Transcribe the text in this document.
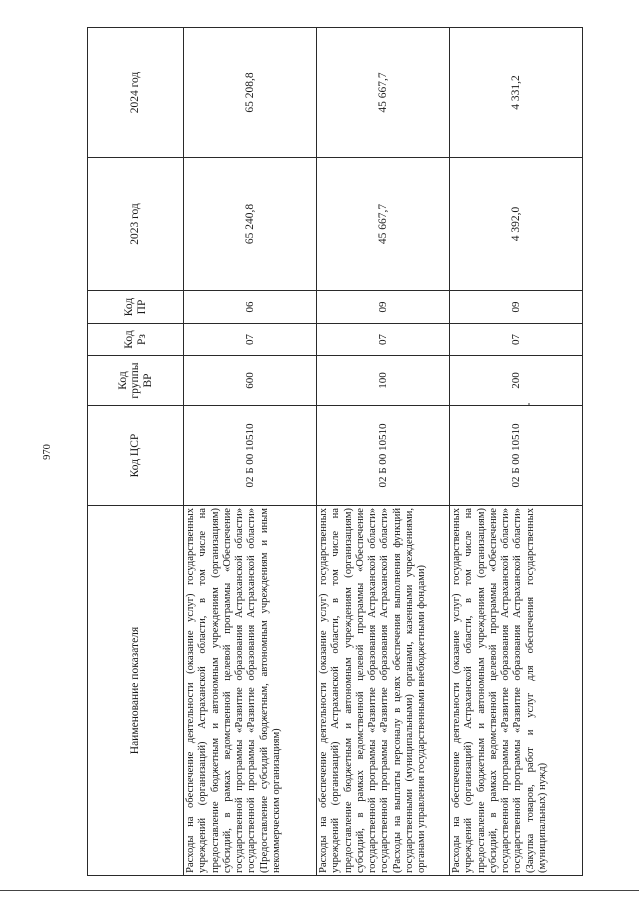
970
Наименование показателя	Код ЦСР	Код группы ВР	Код Рз	Код ПР	2023 год	2024 год
Расходы на обеспечение деятельности (оказание услуг) государственных учреждений (организаций) Астраханской области, в том числе на предоставление бюджетным и автономным учреждениям (организациям) субсидий, в рамках ведомственной целевой программы «Обеспечение государственной программы «Развитие образования Астраханской области» государственной программы «Развитие образования Астраханской области» (Предоставление субсидий бюджетным, автономным учреждениям и иным некоммерческим организациям)	02 Б 00 10510	600	07	06	65 240,8	65 208,8
Расходы на обеспечение деятельности (оказание услуг) государственных учреждений (организаций) Астраханской области, в том числе на предоставление бюджетным и автономным учреждениям (организациям) субсидий, в рамках ведомственной целевой программы «Обеспечение государственной программы «Развитие образования Астраханской области» государственной программы «Развитие образования Астраханской области» (Расходы на выплаты персоналу в целях обеспечения выполнения функций государственными (муниципальными) органами, казенными учреждениями, органами управления государственными внебюджетными фондами)	02 Б 00 10510	100	07	09	45 667,7	45 667,7
Расходы на обеспечение деятельности (оказание услуг) государственных учреждений (организаций) Астраханской области, в том числе на предоставление бюджетным и автономным учреждениям (организациям) субсидий, в рамках ведомственной целевой программы «Обеспечение государственной программы «Развитие образования Астраханской области» государственной программы «Развитие образования Астраханской области» (Закупка товаров, работ и услуг для обеспечения государственных (муниципальных) нужд)	02 Б 00 10510	200	07	09	4 392,0	4 331,2
